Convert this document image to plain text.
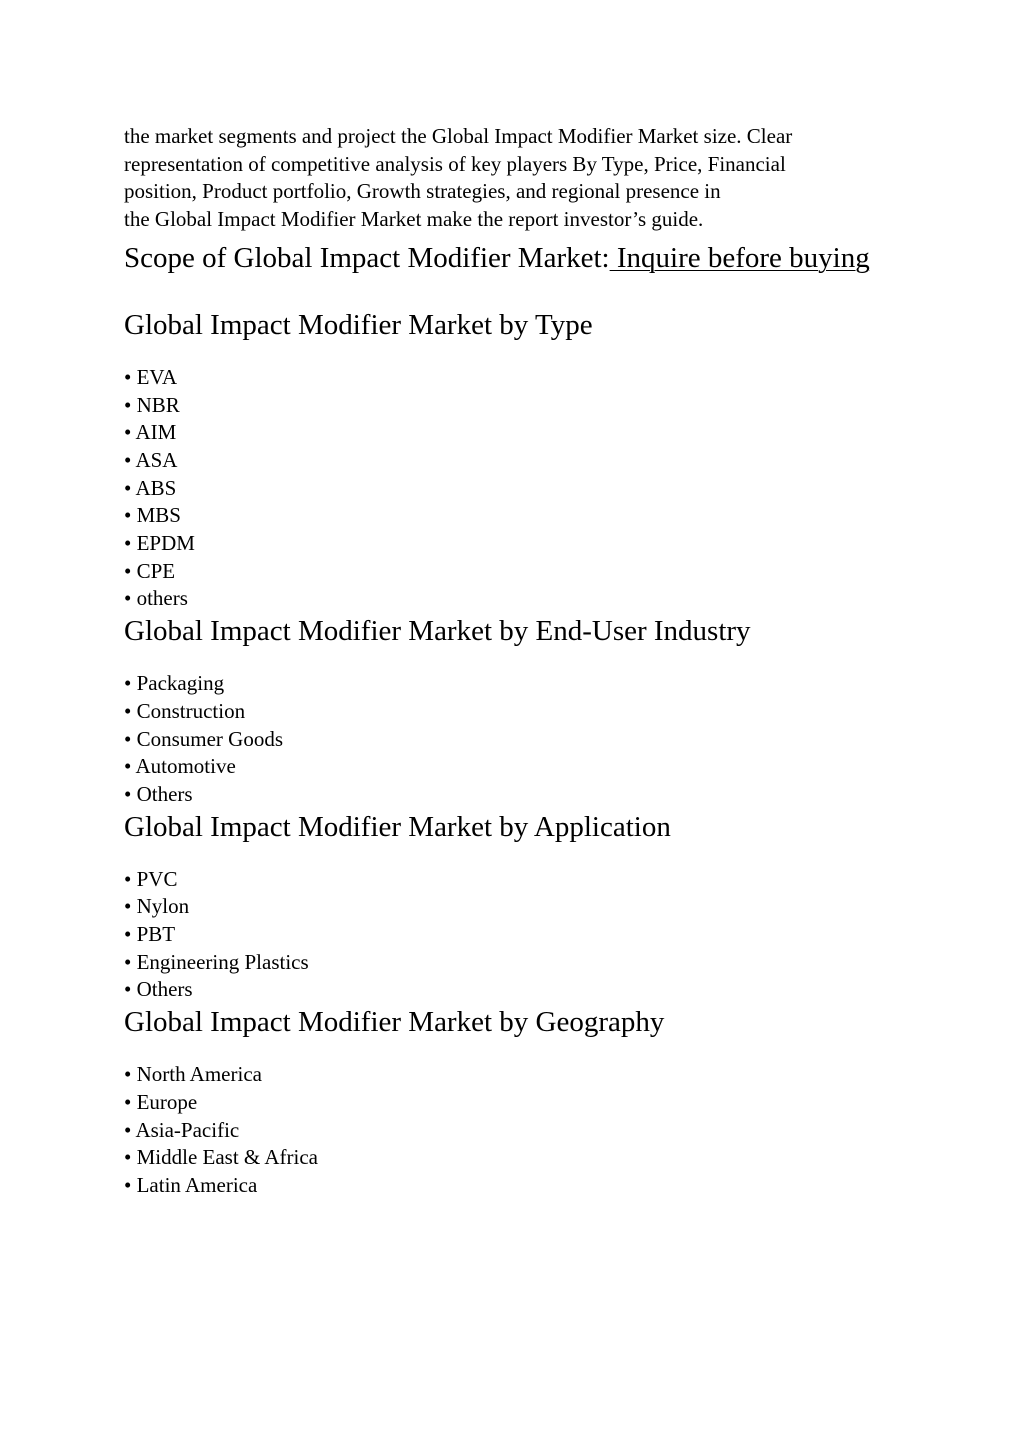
the market segments and project the Global Impact Modifier Market size. Clear
representation of competitive analysis of key players By Type, Price, Financial
position, Product portfolio, Growth strategies, and regional presence in
the Global Impact Modifier Market make the report investor’s guide.

Scope of Global Impact Modifier Market: Inquire before buying
Global Impact Modifier Market by Type
• EVA
• NBR
• AIM
• ASA
• ABS
• MBS
• EPDM
• CPE
• others
Global Impact Modifier Market by End-User Industry
• Packaging
• Construction
• Consumer Goods
• Automotive
• Others
Global Impact Modifier Market by Application
• PVC
• Nylon
• PBT
• Engineering Plastics
• Others
Global Impact Modifier Market by Geography
• North America
• Europe
• Asia-Pacific
• Middle East & Africa
• Latin America
